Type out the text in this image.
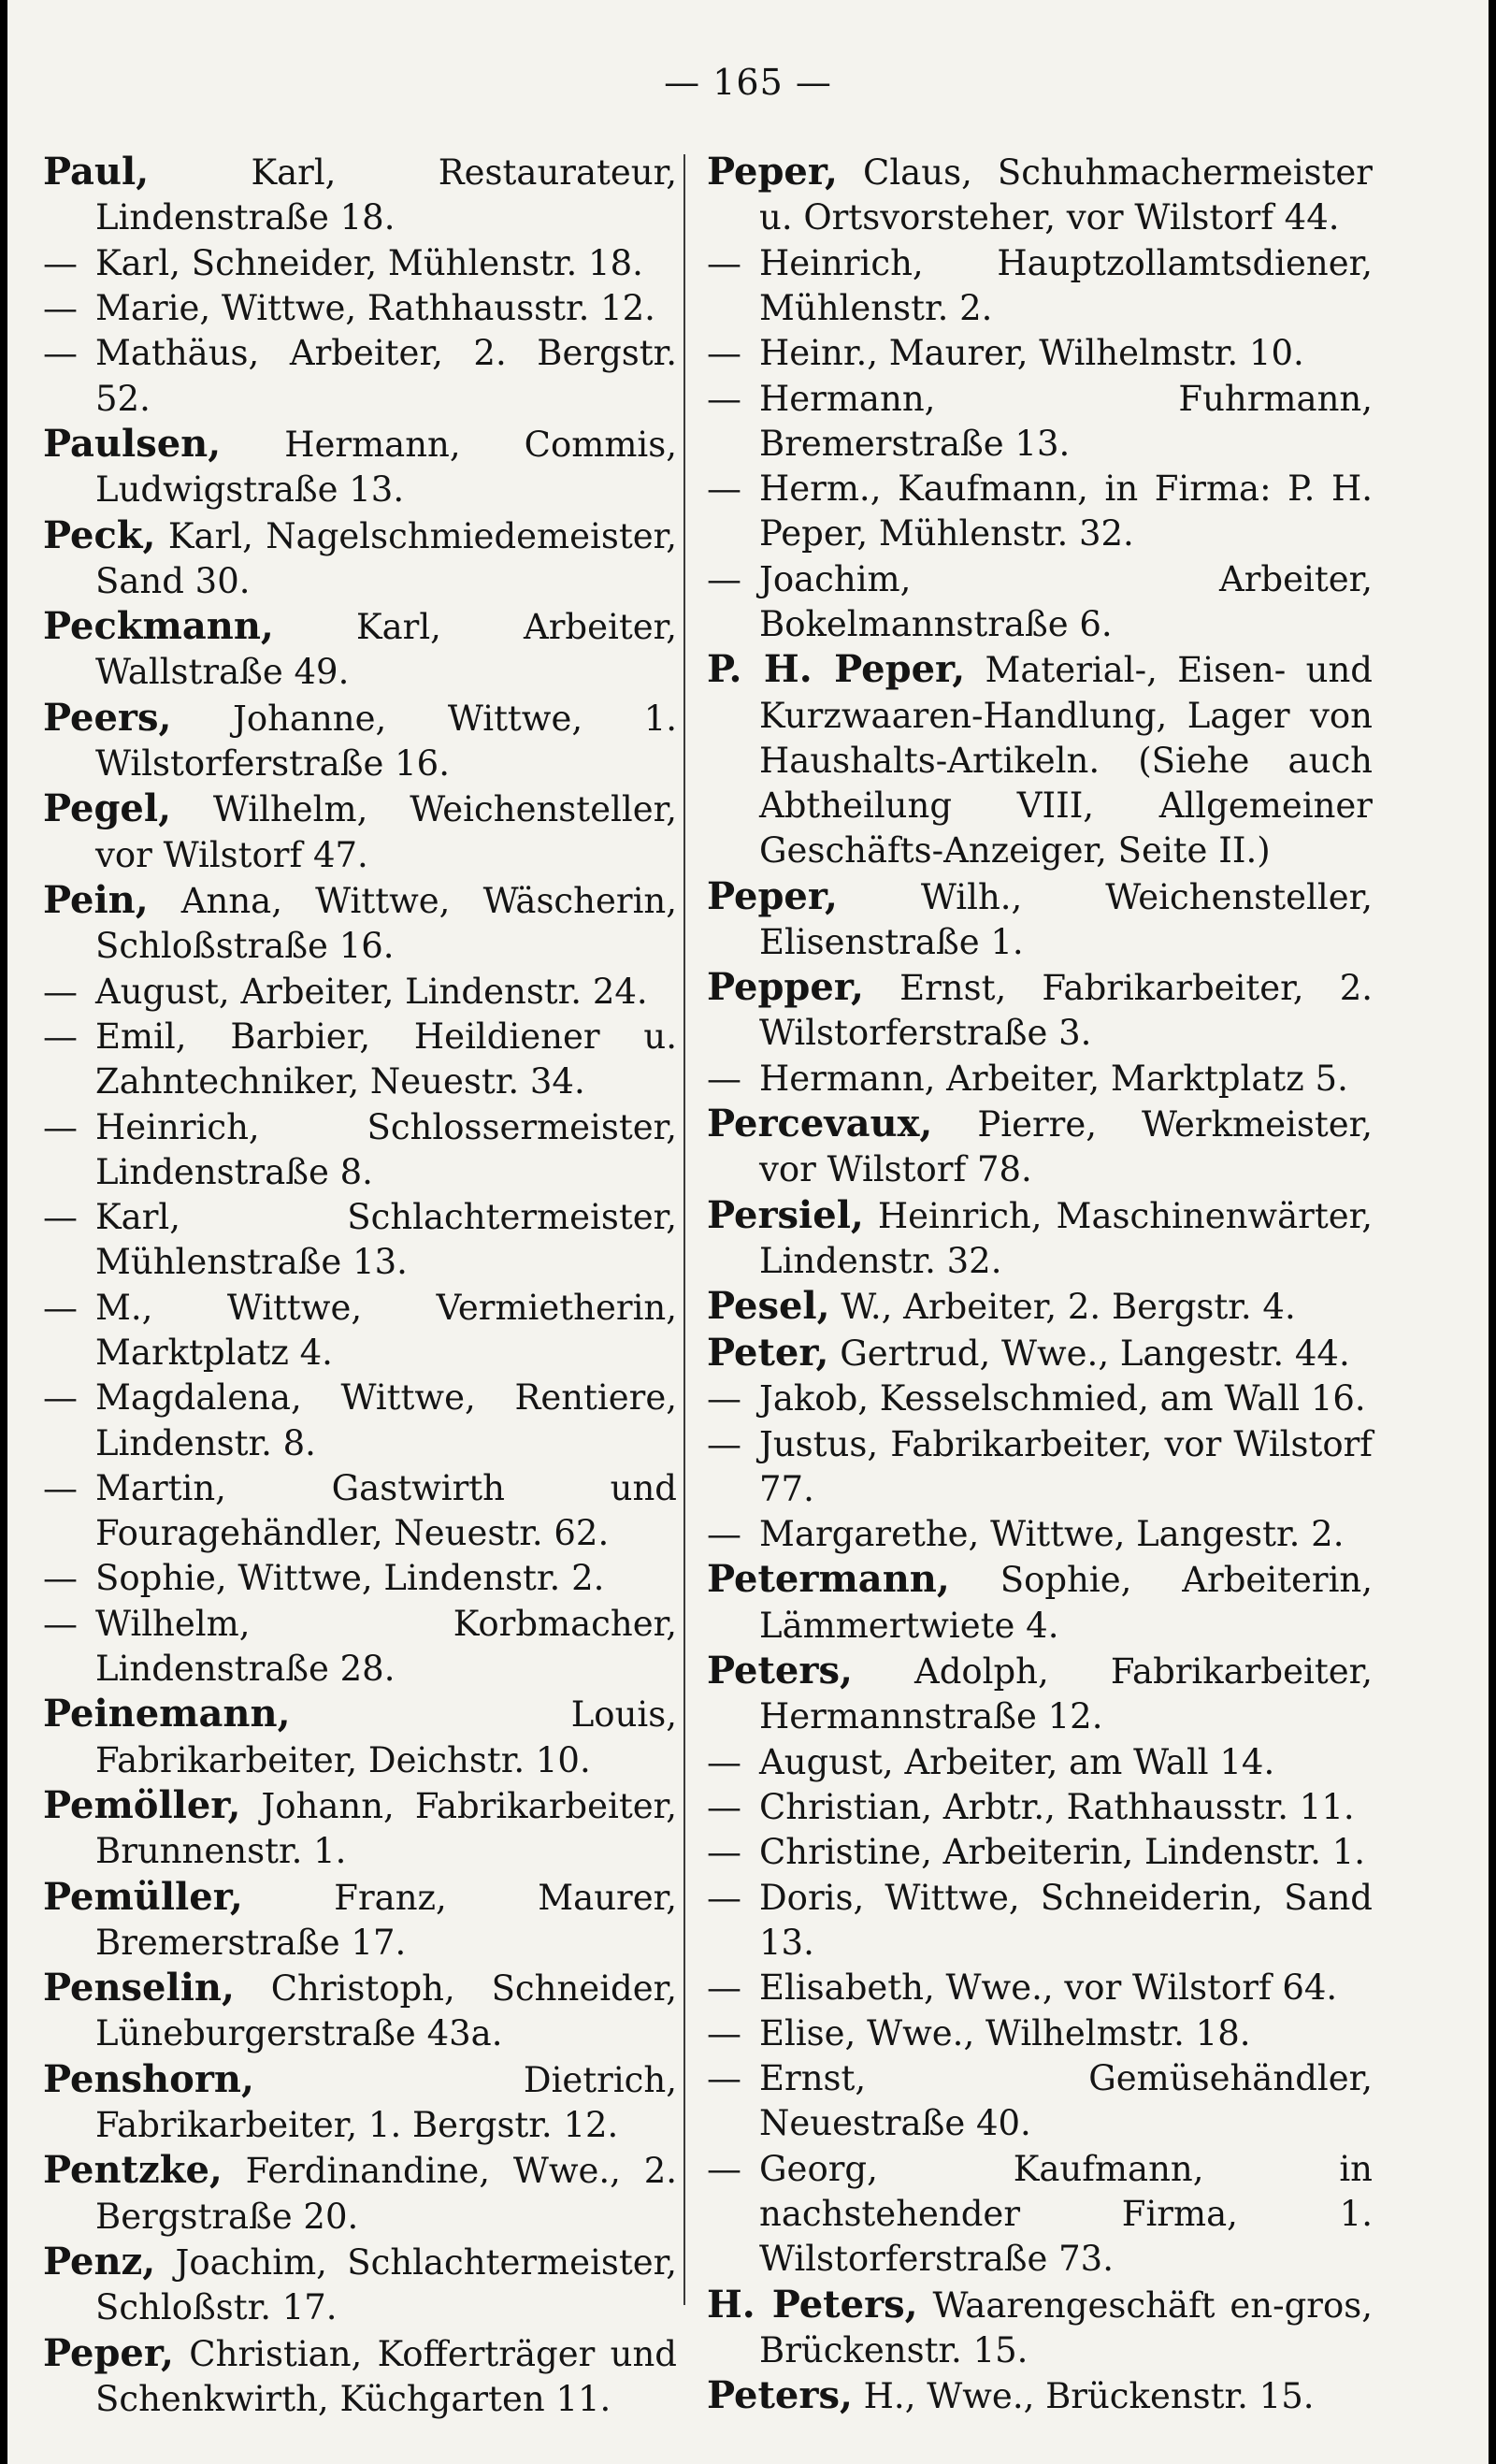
— 165 —

Paul, Karl, Restaurateur, Lindenstraße 18.

— Karl, Schneider, Mühlenstr. 18.

— Marie, Wittwe, Rathhausstr. 12.

— Mathäus, Arbeiter, 2. Bergstr. 52.

Paulsen, Hermann, Commis, Ludwigstraße 13.

Peck, Karl, Nagelschmiedemeister, Sand 30.

Peckmann, Karl, Arbeiter, Wallstraße 49.

Peers, Johanne, Wittwe, 1. Wilstorferstraße 16.

Pegel, Wilhelm, Weichensteller, vor Wilstorf 47.

Pein, Anna, Wittwe, Wäscherin, Schloßstraße 16.

— August, Arbeiter, Lindenstr. 24.

— Emil, Barbier, Heildiener u. Zahntechniker, Neuestr. 34.

— Heinrich, Schlossermeister, Lindenstraße 8.

— Karl, Schlachtermeister, Mühlenstraße 13.

— M., Wittwe, Vermietherin, Marktplatz 4.

— Magdalena, Wittwe, Rentiere, Lindenstr. 8.

— Martin, Gastwirth und Fouragehändler, Neuestr. 62.

— Sophie, Wittwe, Lindenstr. 2.

— Wilhelm, Korbmacher, Lindenstraße 28.

Peinemann, Louis, Fabrikarbeiter, Deichstr. 10.

Pemöller, Johann, Fabrikarbeiter, Brunnenstr. 1.

Pemüller, Franz, Maurer, Bremerstraße 17.

Penselin, Christoph, Schneider, Lüneburgerstraße 43a.

Penshorn, Dietrich, Fabrikarbeiter, 1. Bergstr. 12.

Pentzke, Ferdinandine, Wwe., 2. Bergstraße 20.

Penz, Joachim, Schlachtermeister, Schloßstr. 17.

Peper, Christian, Kofferträger und Schenkwirth, Küchgarten 11.

Peper, Claus, Schuhmachermeister u. Ortsvorsteher, vor Wilstorf 44.

— Heinrich, Hauptzollamtsdiener, Mühlenstr. 2.

— Heinr., Maurer, Wilhelmstr. 10.

— Hermann, Fuhrmann, Bremerstraße 13.

— Herm., Kaufmann, in Firma: P. H. Peper, Mühlenstr. 32.

— Joachim, Arbeiter, Bokelmannstraße 6.

P. H. Peper, Material-, Eisen- und Kurzwaaren-Handlung, Lager von Haushalts-Artikeln. (Siehe auch Abtheilung VIII, Allgemeiner Geschäfts-Anzeiger, Seite II.)

Peper, Wilh., Weichensteller, Elisenstraße 1.

Pepper, Ernst, Fabrikarbeiter, 2. Wilstorferstraße 3.

— Hermann, Arbeiter, Marktplatz 5.

Percevaux, Pierre, Werkmeister, vor Wilstorf 78.

Persiel, Heinrich, Maschinenwärter, Lindenstr. 32.

Pesel, W., Arbeiter, 2. Bergstr. 4.

Peter, Gertrud, Wwe., Langestr. 44.

— Jakob, Kesselschmied, am Wall 16.

— Justus, Fabrikarbeiter, vor Wilstorf 77.

— Margarethe, Wittwe, Langestr. 2.

Petermann, Sophie, Arbeiterin, Lämmertwiete 4.

Peters, Adolph, Fabrikarbeiter, Hermannstraße 12.

— August, Arbeiter, am Wall 14.

— Christian, Arbtr., Rathhausstr. 11.

— Christine, Arbeiterin, Lindenstr. 1.

— Doris, Wittwe, Schneiderin, Sand 13.

— Elisabeth, Wwe., vor Wilstorf 64.

— Elise, Wwe., Wilhelmstr. 18.

— Ernst, Gemüsehändler, Neuestraße 40.

— Georg, Kaufmann, in nachstehender Firma, 1. Wilstorferstraße 73.

H. Peters, Waarengeschäft en-gros, Brückenstr. 15.

Peters, H., Wwe., Brückenstr. 15.
